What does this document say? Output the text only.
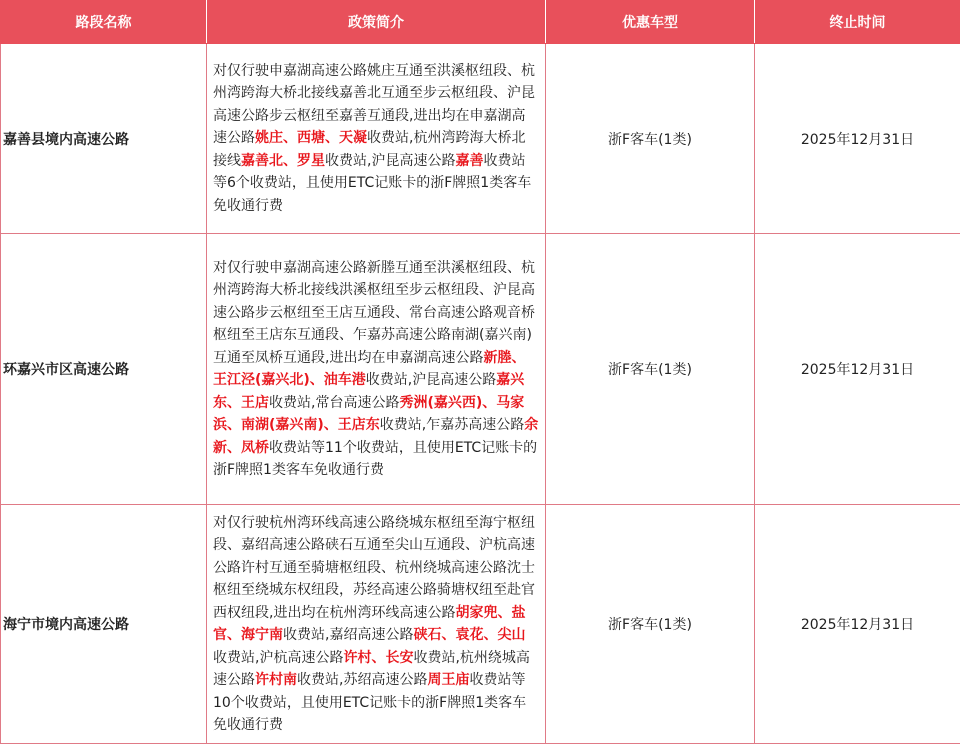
路段名称	政策简介	优惠车型	终止时间
嘉善县境内高速公路	对仅行驶申嘉湖高速公路姚庄互通至洪溪枢纽段、杭州湾跨海大桥北接线嘉善北互通至步云枢纽段、沪昆高速公路步云枢纽至嘉善互通段,进出均在申嘉湖高速公路姚庄、西塘、天凝收费站,杭州湾跨海大桥北接线嘉善北、罗星收费站,沪昆高速公路嘉善收费站等6个收费站，且使用ETC记账卡的浙F牌照1类客车免收通行费	浙F客车(1类)	2025年12月31日
环嘉兴市区高速公路	对仅行驶申嘉湖高速公路新塍互通至洪溪枢纽段、杭州湾跨海大桥北接线洪溪枢纽至步云枢纽段、沪昆高速公路步云枢纽至王店互通段、常台高速公路观音桥枢纽至王店东互通段、乍嘉苏高速公路南湖(嘉兴南)互通至凤桥互通段,进出均在申嘉湖高速公路新塍、王江泾(嘉兴北)、油车港收费站,沪昆高速公路嘉兴东、王店收费站,常台高速公路秀洲(嘉兴西)、马家浜、南湖(嘉兴南)、王店东收费站,乍嘉苏高速公路余新、凤桥收费站等11个收费站，且使用ETC记账卡的浙F牌照1类客车免收通行费	浙F客车(1类)	2025年12月31日
海宁市境内高速公路	对仅行驶杭州湾环线高速公路绕城东枢纽至海宁枢纽段、嘉绍高速公路硖石互通至尖山互通段、沪杭高速公路许村互通至骑塘枢纽段、杭州绕城高速公路沈士枢纽至绕城东权纽段，苏经高速公路骑塘权纽至赴官西权纽段,进出均在杭州湾环线高速公路胡家兜、盐官、海宁南收费站,嘉绍高速公路硖石、袁花、尖山收费站,沪杭高速公路许村、长安收费站,杭州绕城高速公路许村南收费站,苏绍高速公路周王庙收费站等10个收费站，且使用ETC记账卡的浙F牌照1类客车免收通行费	浙F客车(1类)	2025年12月31日
